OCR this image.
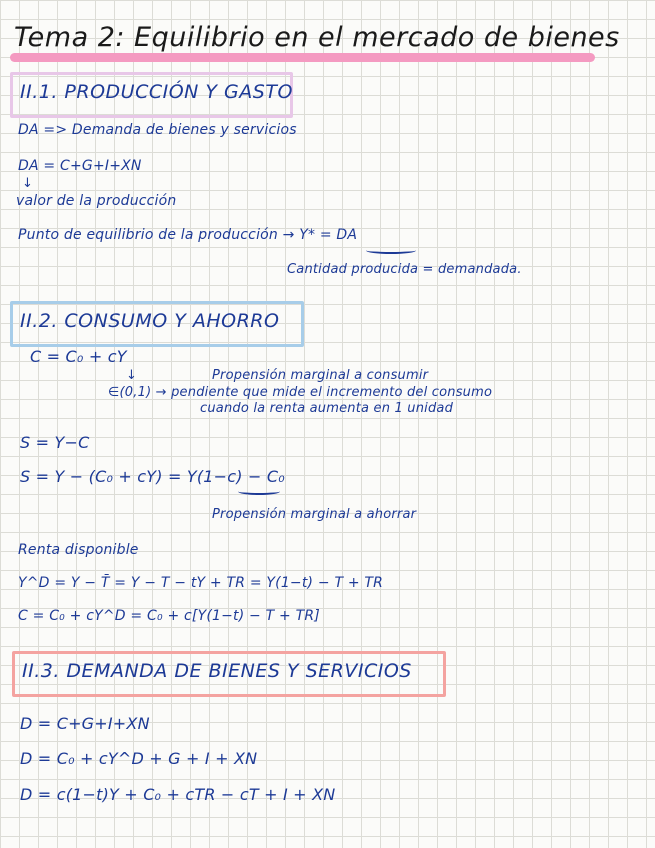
Tema 2: Equilibrio en el mercado de bienes
II.1. PRODUCCIÓN Y GASTO
DA => Demanda de bienes y servicios
DA = C+G+I+XN
↓
valor de la producción
Punto de equilibrio de la producción → Y* = DA
Cantidad producida = demandada.
II.2. CONSUMO Y AHORRO
C = C₀ + cY
↓
∈(0,1) → pendiente que mide el incremento del consumo
Propensión marginal a consumir
cuando la renta aumenta en 1 unidad
S = Y−C
S = Y − (C₀ + cY) = Y(1−c) − C₀
Propensión marginal a ahorrar
Renta disponible
Y^D = Y − T̄ = Y − T − tY + TR = Y(1−t) − T + TR
C = C₀ + cY^D = C₀ + c[Y(1−t) − T + TR]
II.3. DEMANDA DE BIENES Y SERVICIOS
D = C+G+I+XN
D = C₀ + cY^D + G + I + XN
D = c(1−t)Y + C₀ + cTR − cT + I + XN
